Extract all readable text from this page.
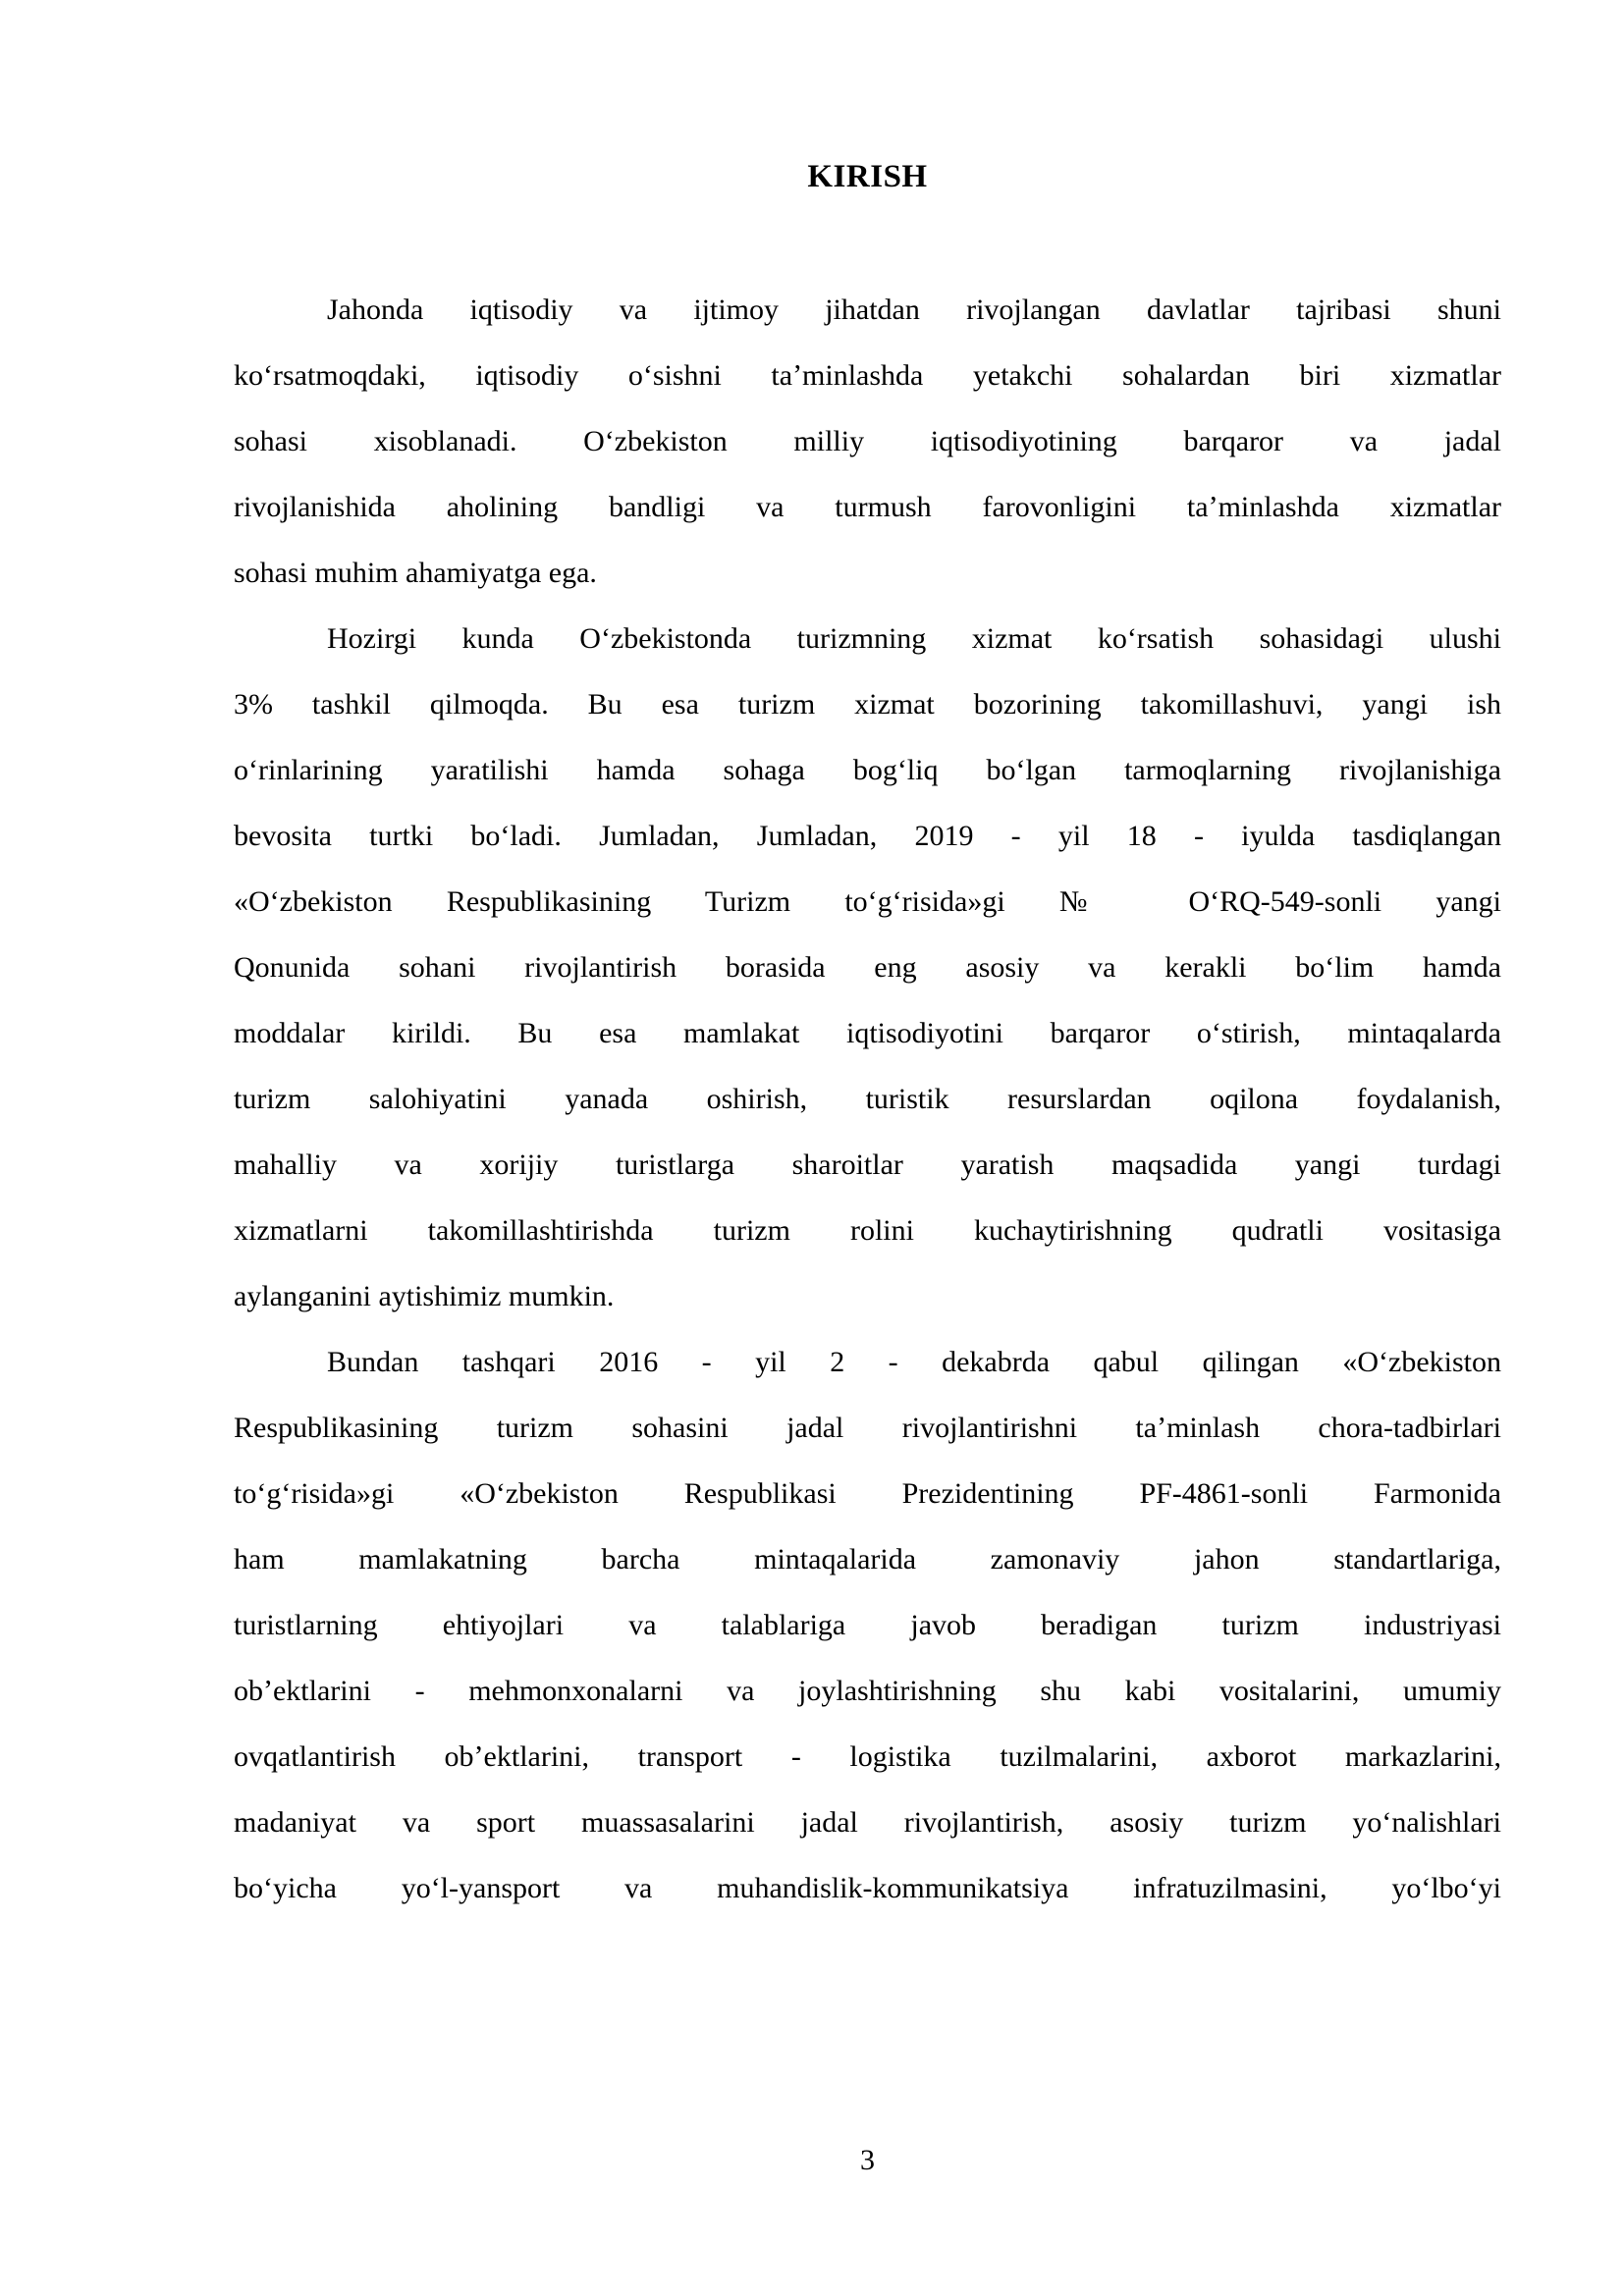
KIRISH
Jahonda iqtisodiy va ijtimoy jihatdan rivojlangan davlatlar tajribasi shuni
koʻrsatmoqdaki, iqtisodiy oʻsishni taʼminlashda yetakchi sohalardan biri xizmatlar
sohasi xisoblanadi. Oʻzbekiston milliy iqtisodiyotining barqaror va jadal
rivojlanishida aholining bandligi va turmush farovonligini taʼminlashda xizmatlar
sohasi muhim ahamiyatga ega.
Hozirgi kunda Oʻzbekistonda turizmning xizmat koʻrsatish sohasidagi ulushi
3% tashkil qilmoqda. Bu esa turizm xizmat bozorining takomillashuvi, yangi ish
oʻrinlarining yaratilishi hamda sohaga bogʻliq boʻlgan tarmoqlarning rivojlanishiga
bevosita turtki boʻladi. Jumladan, Jumladan, 2019 - yil 18 - iyulda tasdiqlangan
«Oʻzbekiston Respublikasining Turizm toʻgʻrisida»gi № OʻRQ-549-sonli yangi
Qonunida sohani rivojlantirish borasida eng asosiy va kerakli boʻlim hamda
moddalar kirildi. Bu esa mamlakat iqtisodiyotini barqaror oʻstirish, mintaqalarda
turizm salohiyatini yanada oshirish, turistik resurslardan oqilona foydalanish,
mahalliy va xorijiy turistlarga sharoitlar yaratish maqsadida yangi turdagi
xizmatlarni takomillashtirishda turizm rolini kuchaytirishning qudratli vositasiga
aylanganini aytishimiz mumkin.
Bundan tashqari 2016 - yil 2 - dekabrda qabul qilingan «Oʻzbekiston
Respublikasining turizm sohasini jadal rivojlantirishni taʼminlash chora-tadbirlari
toʻgʻrisida»gi «Oʻzbekiston Respublikasi Prezidentining PF-4861-sonli Farmonida
ham mamlakatning barcha mintaqalarida zamonaviy jahon standartlariga,
turistlarning ehtiyojlari va talablariga javob beradigan turizm industriyasi
obʼektlarini - mehmonxonalarni va joylashtirishning shu kabi vositalarini, umumiy
ovqatlantirish obʼektlarini, transport - logistika tuzilmalarini, axborot markazlarini,
madaniyat va sport muassasalarini jadal rivojlantirish, asosiy turizm yoʻnalishlari
boʻyicha yoʻl-yansport va muhandislik-kommunikatsiya infratuzilmasini, yoʻlboʻyi
3
